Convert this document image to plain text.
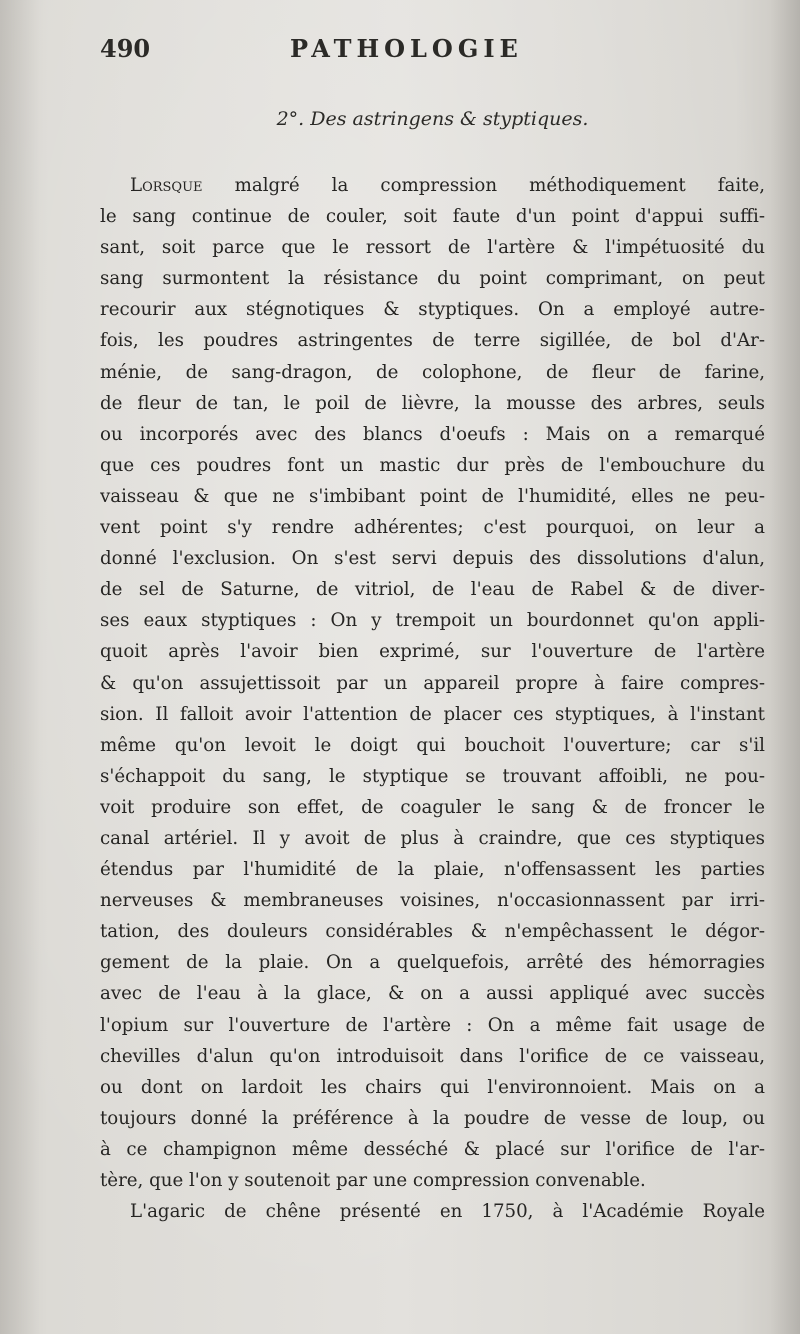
490	PATHOLOGIE
2°. Des astringens & styptiques.
Lorsque malgré la compression méthodiquement faite,
le sang continue de couler, soit faute d'un point d'appui suffi-
sant, soit parce que le ressort de l'artère & l'impétuosité du
sang surmontent la résistance du point comprimant, on peut
recourir aux stégnotiques & styptiques. On a employé autre-
fois, les poudres astringentes de terre sigillée, de bol d'Ar-
ménie, de sang-dragon, de colophone, de fleur de farine,
de fleur de tan, le poil de lièvre, la mousse des arbres, seuls
ou incorporés avec des blancs d'oeufs : Mais on a remarqué
que ces poudres font un mastic dur près de l'embouchure du
vaisseau & que ne s'imbibant point de l'humidité, elles ne peu-
vent point s'y rendre adhérentes; c'est pourquoi, on leur a
donné l'exclusion. On s'est servi depuis des dissolutions d'alun,
de sel de Saturne, de vitriol, de l'eau de Rabel & de diver-
ses eaux styptiques : On y trempoit un bourdonnet qu'on appli-
quoit après l'avoir bien exprimé, sur l'ouverture de l'artère
& qu'on assujettissoit par un appareil propre à faire compres-
sion. Il falloit avoir l'attention de placer ces styptiques, à l'instant
même qu'on levoit le doigt qui bouchoit l'ouverture; car s'il
s'échappoit du sang, le styptique se trouvant affoibli, ne pou-
voit produire son effet, de coaguler le sang & de froncer le
canal artériel. Il y avoit de plus à craindre, que ces styptiques
étendus par l'humidité de la plaie, n'offensassent les parties
nerveuses & membraneuses voisines, n'occasionnassent par irri-
tation, des douleurs considérables & n'empêchassent le dégor-
gement de la plaie. On a quelquefois, arrêté des hémorragies
avec de l'eau à la glace, & on a aussi appliqué avec succès
l'opium sur l'ouverture de l'artère : On a même fait usage de
chevilles d'alun qu'on introduisoit dans l'orifice de ce vaisseau,
ou dont on lardoit les chairs qui l'environnoient. Mais on a
toujours donné la préférence à la poudre de vesse de loup, ou
à ce champignon même desséché & placé sur l'orifice de l'ar-
tère, que l'on y soutenoit par une compression convenable.
L'agaric de chêne présenté en 1750, à l'Académie Royale
